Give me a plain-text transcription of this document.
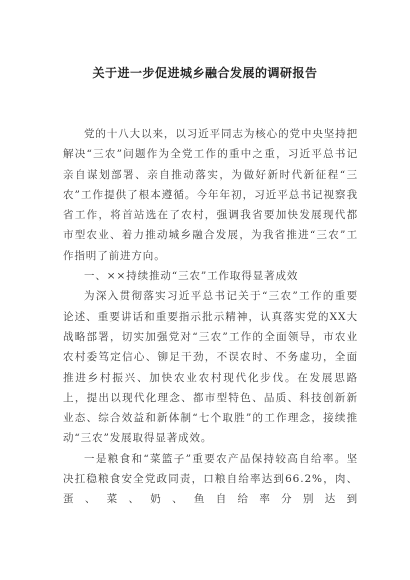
关于进一步促进城乡融合发展的调研报告

党的十八大以来，以习近平同志为核心的党中央坚持把解决“三农”问题作为全党工作的重中之重，习近平总书记亲自谋划部署、亲自推动落实，为做好新时代新征程“三农”工作提供了根本遵循。今年年初，习近平总书记视察我省工作，将首站选在了农村，强调我省要加快发展现代都市型农业、着力推动城乡融合发展，为我省推进“三农”工作指明了前进方向。

一、××持续推动“三农”工作取得显著成效

为深入贯彻落实习近平总书记关于“三农”工作的重要论述、重要讲话和重要指示批示精神，认真落实党的XX大战略部署，切实加强党对“三农”工作的全面领导，市农业农村委笃定信心、铆足干劲，不误农时、不务虚功，全面推进乡村振兴、加快农业农村现代化步伐。在发展思路上，提出以现代化理念、都市型特色、品质、科技创新新业态、综合效益和新体制“七个取胜”的工作理念，接续推动“三农”发展取得显著成效。

一是粮食和“菜篮子”重要农产品保持较高自给率。坚决扛稳粮食安全党政同责，口粮自给率达到66.2%，肉、蛋、菜、奶、鱼自给率分别达到
